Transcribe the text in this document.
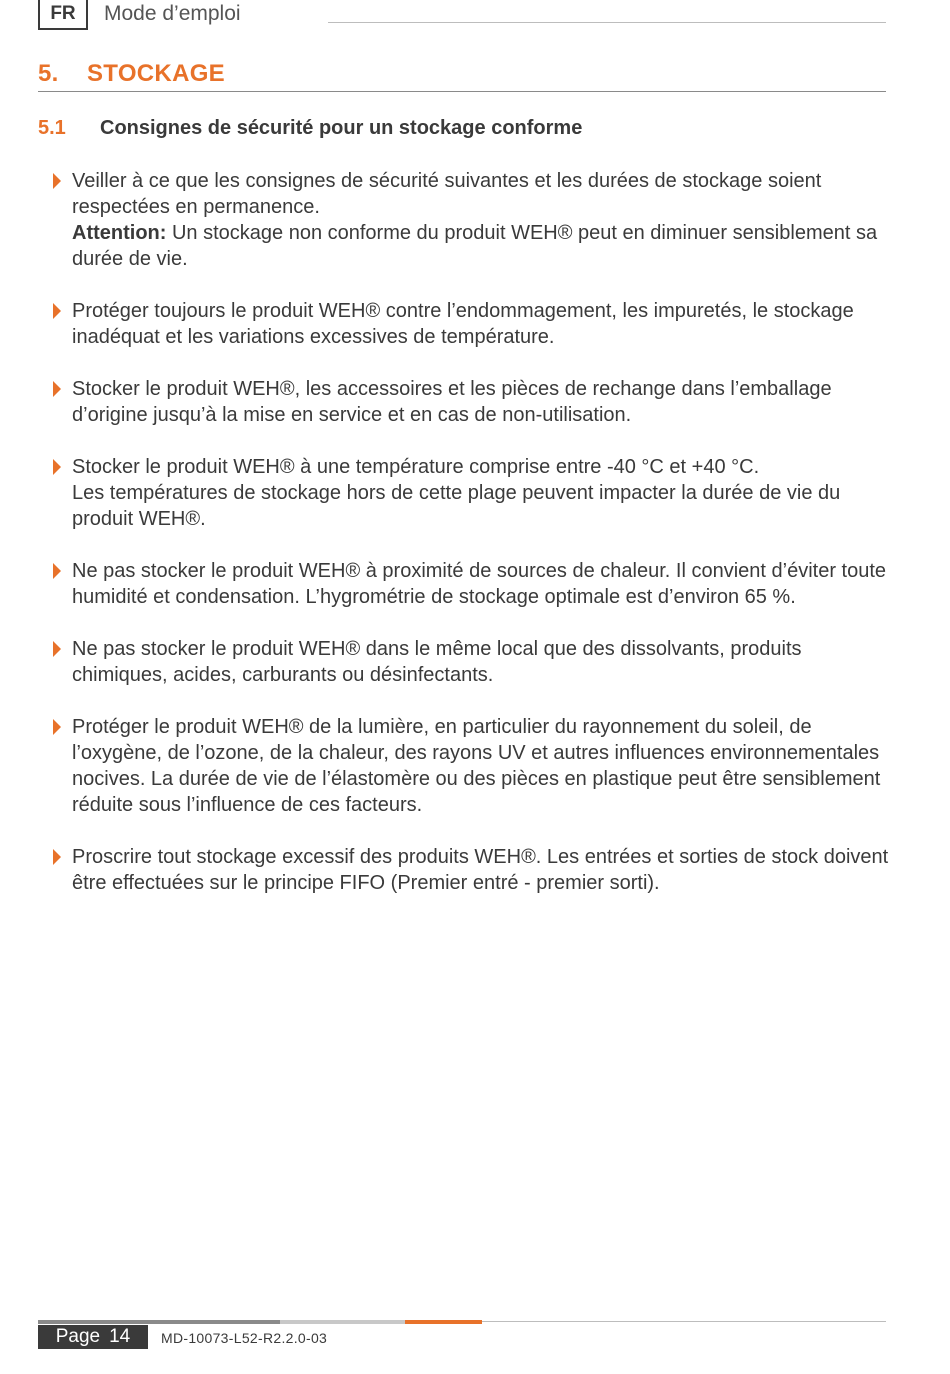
FR Mode d’emploi
5.	STOCKAGE
5.1	Consignes de sécurité pour un stockage conforme

Veiller à ce que les consignes de sécurité suivantes et les durées de stockage soient respectées en permanence.

Attention: Un stockage non conforme du produit WEH® peut en diminuer sensiblement sa durée de vie.

Protéger toujours le produit WEH® contre l’endommagement, les impuretés, le stockage inadéquat et les variations excessives de température.

Stocker le produit WEH®, les accessoires et les pièces de rechange dans l’emballage d’origine jusqu’à la mise en service et en cas de non-utilisation.

Stocker le produit WEH® à une température comprise entre -40 °C et +40 °C.

Les températures de stockage hors de cette plage peuvent impacter la durée de vie du produit WEH®.

Ne pas stocker le produit WEH® à proximité de sources de chaleur. Il convient d’éviter toute humidité et condensation. L’hygrométrie de stockage optimale est d’environ 65 %.

Ne pas stocker le produit WEH® dans le même local que des dissolvants, produits chimiques, acides, carburants ou désinfectants.

Protéger le produit WEH® de la lumière, en particulier du rayonnement du soleil, de l’oxygène, de l’ozone, de la chaleur, des rayons UV et autres influences environnementales nocives. La durée de vie de l’élastomère ou des pièces en plastique peut être sensiblement réduite sous l’influence de ces facteurs.

Proscrire tout stockage excessif des produits WEH®. Les entrées et sorties de stock doivent être effectuées sur le principe FIFO (Premier entré - premier sorti).

Page 14 MD-10073-L52-R2.2.0-03
